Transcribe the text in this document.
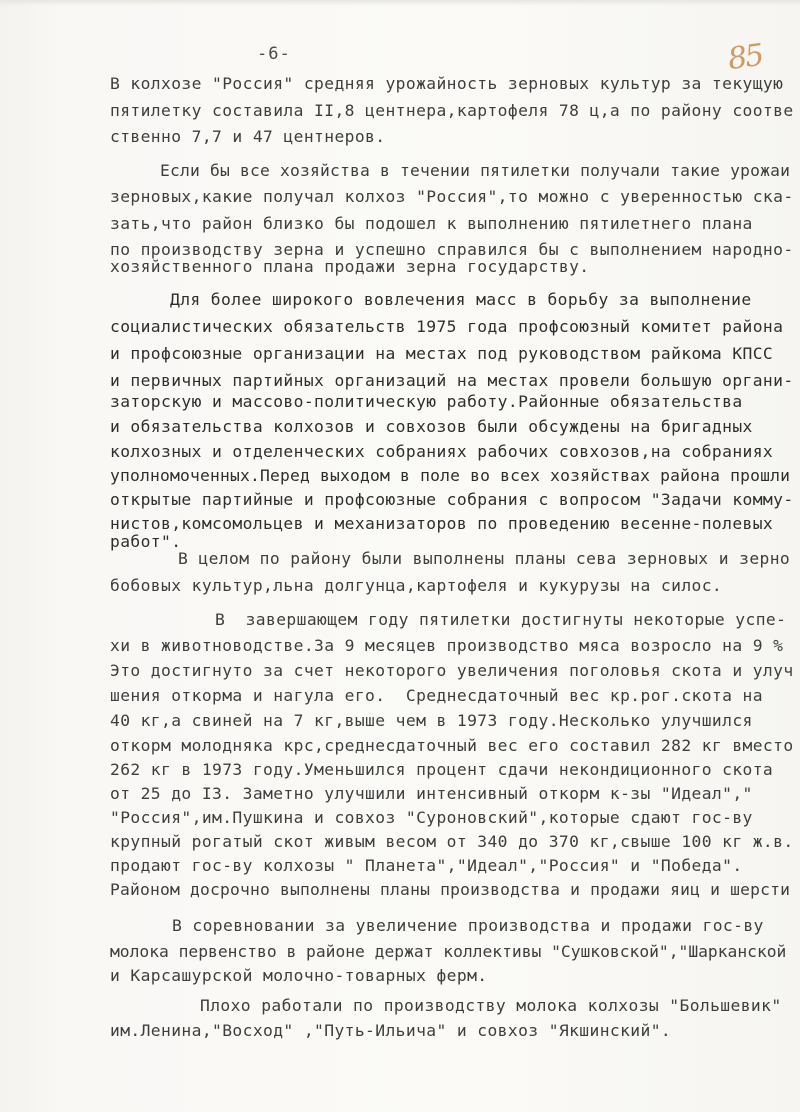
-6-	85
В колхозе "Россия" средняя урожайность зерновых культур за текущую
пятилетку составила II,8 центнера,картофеля 78 ц,а по району соотве
ственно 7,7 и 47 центнеров.
Если бы все хозяйства в течении пятилетки получали такие урожаи
зерновых,какие получал колхоз "Россия",то можно с уверенностью ска-
зать,что район близко бы подошел к выполнению пятилетнего плана
по производству зерна и успешно справился бы с выполнением народно-
хозяйственного плана продажи зерна государству.
Для более широкого вовлечения масс в борьбу за выполнение
социалистических обязательств 1975 года профсоюзный комитет района
и профсоюзные организации на местах под руководством райкома КПСС
и первичных партийных организаций на местах провели большую органи-
заторскую и массово-политическую работу.Районные обязательства
и обязательства колхозов и совхозов были обсуждены на бригадных
колхозных и отделенческих собраниях рабочих совхозов,на собраниях
уполномоченных.Перед выходом в поле во всех хозяйствах района прошли
открытые партийные и профсоюзные собрания с вопросом "Задачи комму-
нистов,комсомольцев и механизаторов по проведению весенне-полевых
работ".
В целом по району были выполнены планы сева зерновых и зерно
бобовых культур,льна долгунца,картофеля и кукурузы на силос.
В  завершающем году пятилетки достигнуты некоторые успе-
хи в животноводстве.За 9 месяцев производство мяса возросло на 9 %
Это достигнуто за счет некоторого увеличения поголовья скота и улуч
шения откорма и нагула его.  Среднесдаточный вес кр.рог.скота на
40 кг,а свиней на 7 кг,выше чем в 1973 году.Несколько улучшился
откорм молодняка крс,среднесдаточный вес его составил 282 кг вместо
262 кг в 1973 году.Уменьшился процент сдачи некондиционного скота
от 25 до I3. Заметно улучшили интенсивный откорм к-зы "Идеал","
"Россия",им.Пушкина и совхоз "Суроновский",которые сдают гос-ву
крупный рогатый скот живым весом от 340 до 370 кг,свыше 100 кг ж.в.
продают гос-ву колхозы " Планета","Идеал","Россия" и "Победа".
Районом досрочно выполнены планы производства и продажи яиц и шерсти
В соревновании за увеличение производства и продажи гос-ву
молока первенство в районе держат коллективы "Сушковской","Шарканской
и Карсашурской молочно-товарных ферм.
Плохо работали по производству молока колхозы "Большевик"
им.Ленина,"Восход" ,"Путь-Ильича" и совхоз "Якшинский".
